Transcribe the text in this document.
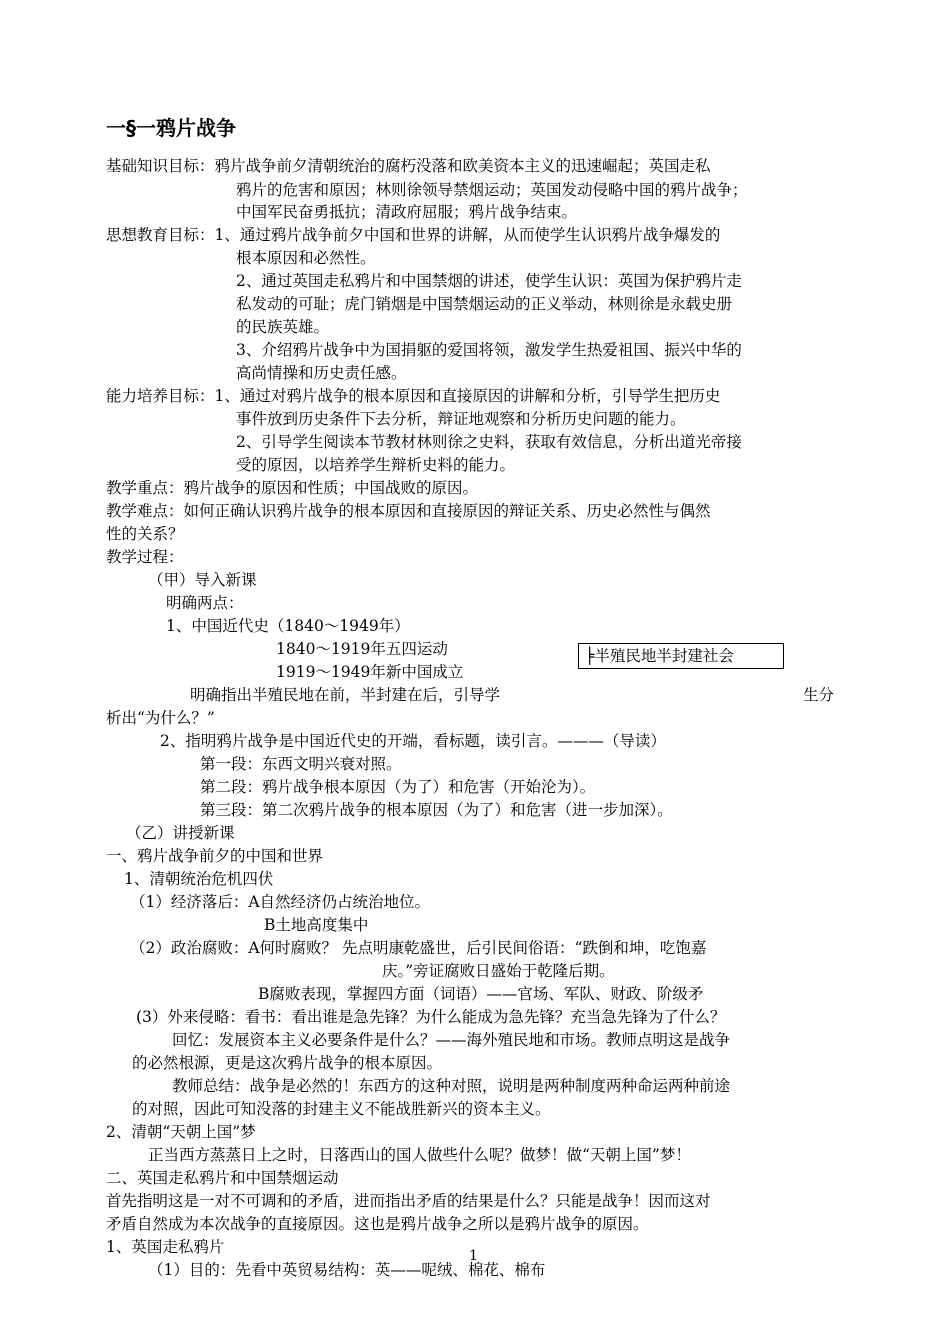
一§一鸦片战争
基础知识目标：鸦片战争前夕清朝统治的腐朽没落和欧美资本主义的迅速崛起；英国走私
鸦片的危害和原因；林则徐领导禁烟运动；英国发动侵略中国的鸦片战争；
中国军民奋勇抵抗；清政府屈服；鸦片战争结束。
思想教育目标：1、通过鸦片战争前夕中国和世界的讲解，从而使学生认识鸦片战争爆发的
根本原因和必然性。
2、通过英国走私鸦片和中国禁烟的讲述，使学生认识：英国为保护鸦片走
私发动的可耻；虎门销烟是中国禁烟运动的正义举动，林则徐是永载史册
的民族英雄。
3、介绍鸦片战争中为国捐躯的爱国将领，激发学生热爱祖国、振兴中华的
高尚情操和历史责任感。
能力培养目标：1、通过对鸦片战争的根本原因和直接原因的讲解和分析，引导学生把历史
事件放到历史条件下去分析，辩证地观察和分析历史问题的能力。
2、引导学生阅读本节教材林则徐之史料，获取有效信息，分析出道光帝接
受的原因，以培养学生辩析史料的能力。
教学重点：鸦片战争的原因和性质；中国战败的原因。
教学难点：如何正确认识鸦片战争的根本原因和直接原因的辩证关系、历史必然性与偶然
性的关系？
教学过程：
（甲）导入新课
明确两点：
1、中国近代史（1840～1949年）
1840～1919年五四运动
1919～1949年新中国成立
明确指出半殖民地在前，半封建在后，引导学	生分
析出“为什么？”
2、指明鸦片战争是中国近代史的开端，看标题，读引言。———（导读）
第一段：东西文明兴衰对照。
第二段：鸦片战争根本原因（为了）和危害（开始沦为）。
第三段：第二次鸦片战争的根本原因（为了）和危害（进一步加深）。
（乙）讲授新课
一、鸦片战争前夕的中国和世界
1、清朝统治危机四伏
（1）经济落后：A自然经济仍占统治地位。
B土地高度集中
（2）政治腐败：A何时腐败？ 先点明康乾盛世，后引民间俗语：“跌倒和坤，吃饱嘉
庆。”旁证腐败日盛始于乾隆后期。
B腐败表现，掌握四方面（词语）——官场、军队、财政、阶级矛
(3）外来侵略：看书：看出谁是急先锋？为什么能成为急先锋？充当急先锋为了什么？
回忆：发展资本主义必要条件是什么？——海外殖民地和市场。教师点明这是战争
的必然根源，更是这次鸦片战争的根本原因。
教师总结：战争是必然的！东西方的这种对照，说明是两种制度两种命运两种前途
的对照，因此可知没落的封建主义不能战胜新兴的资本主义。
2、清朝“天朝上国”梦
正当西方蒸蒸日上之时，日落西山的国人做些什么呢？做梦！做“天朝上国”梦！
二、英国走私鸦片和中国禁烟运动
首先指明这是一对不可调和的矛盾，进而指出矛盾的结果是什么？只能是战争！因而这对
矛盾自然成为本次战争的直接原因。这也是鸦片战争之所以是鸦片战争的原因。
1、英国走私鸦片
（1）目的：先看中英贸易结构：英——呢绒、棉花、棉布
╞半殖民地半封建社会
1
